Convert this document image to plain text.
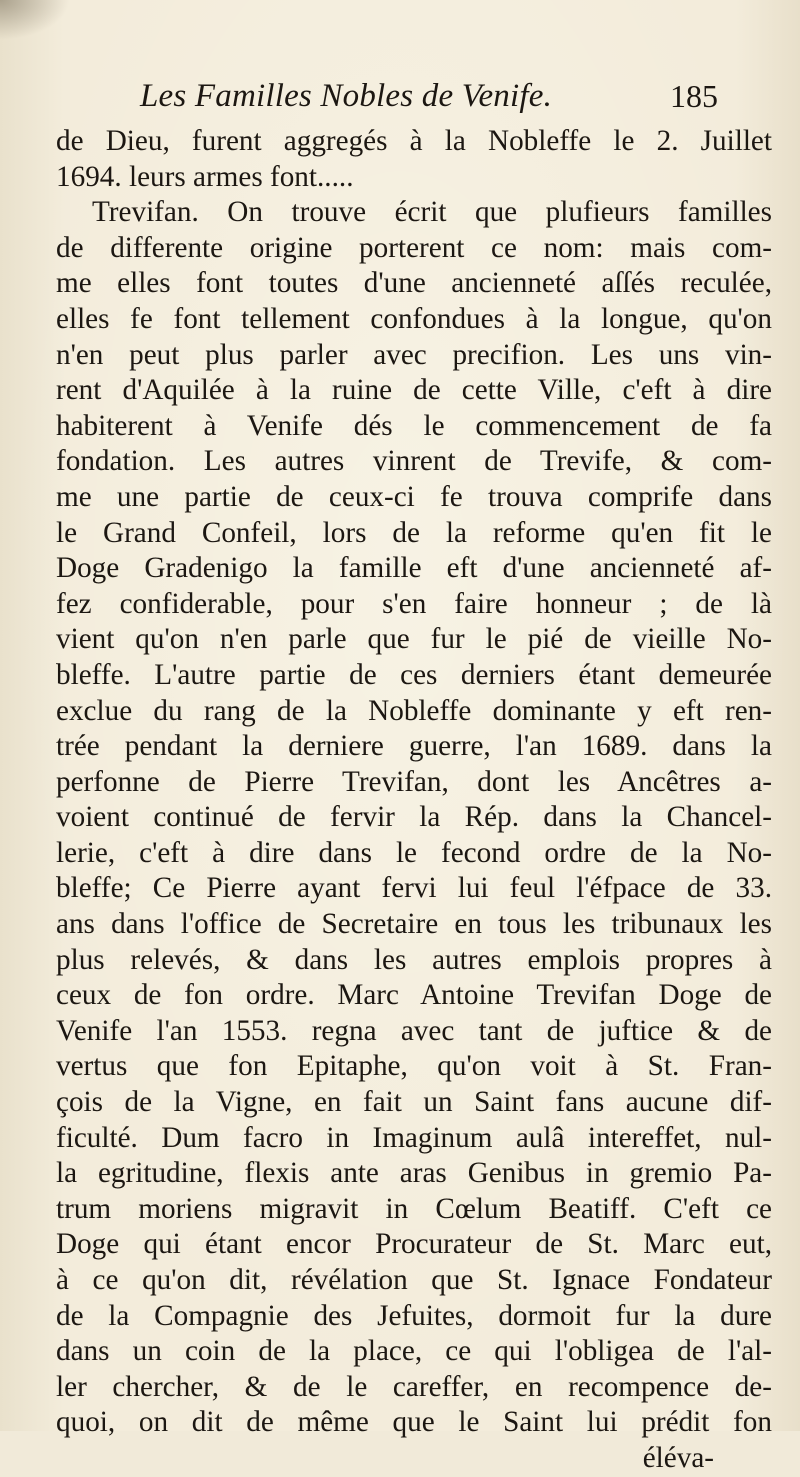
Les Familles Nobles de Venife.	185
de Dieu, furent aggregés à la Nobleffe le 2. Juillet
1694. leurs armes font.....
Trevifan. On trouve écrit que plufieurs familles
de differente origine porterent ce nom: mais com-
me elles font toutes d'une ancienneté aſſés reculée,
elles fe font tellement confondues à la longue, qu'on
n'en peut plus parler avec precifion. Les uns vin-
rent d'Aquilée à la ruine de cette Ville, c'eft à dire
habiterent à Venife dés le commencement de fa
fondation. Les autres vinrent de Trevife, & com-
me une partie de ceux-ci fe trouva comprife dans
le Grand Confeil, lors de la reforme qu'en fit le
Doge Gradenigo la famille eft d'une ancienneté af-
fez confiderable, pour s'en faire honneur ; de là
vient qu'on n'en parle que fur le pié de vieille No-
bleffe. L'autre partie de ces derniers étant demeurée
exclue du rang de la Nobleffe dominante y eft ren-
trée pendant la derniere guerre, l'an 1689. dans la
perfonne de Pierre Trevifan, dont les Ancêtres a-
voient continué de fervir la Rép. dans la Chancel-
lerie, c'eft à dire dans le fecond ordre de la No-
bleffe; Ce Pierre ayant fervi lui feul l'éfpace de 33.
ans dans l'office de Secretaire en tous les tribunaux les
plus relevés, & dans les autres emplois propres à
ceux de fon ordre. Marc Antoine Trevifan Doge de
Venife l'an 1553. regna avec tant de juftice & de
vertus que fon Epitaphe, qu'on voit à St. Fran-
çois de la Vigne, en fait un Saint fans aucune dif-
ficulté. Dum facro in Imaginum aulâ intereffet, nul-
la egritudine, flexis ante aras Genibus in gremio Pa-
trum moriens migravit in Cœlum Beatiff. C'eft ce
Doge qui étant encor Procurateur de St. Marc eut,
à ce qu'on dit, révélation que St. Ignace Fondateur
de la Compagnie des Jefuites, dormoit fur la dure
dans un coin de la place, ce qui l'obligea de l'al-
ler chercher, & de le careffer, en recompence de-
quoi, on dit de même que le Saint lui prédit fon
éléva-
